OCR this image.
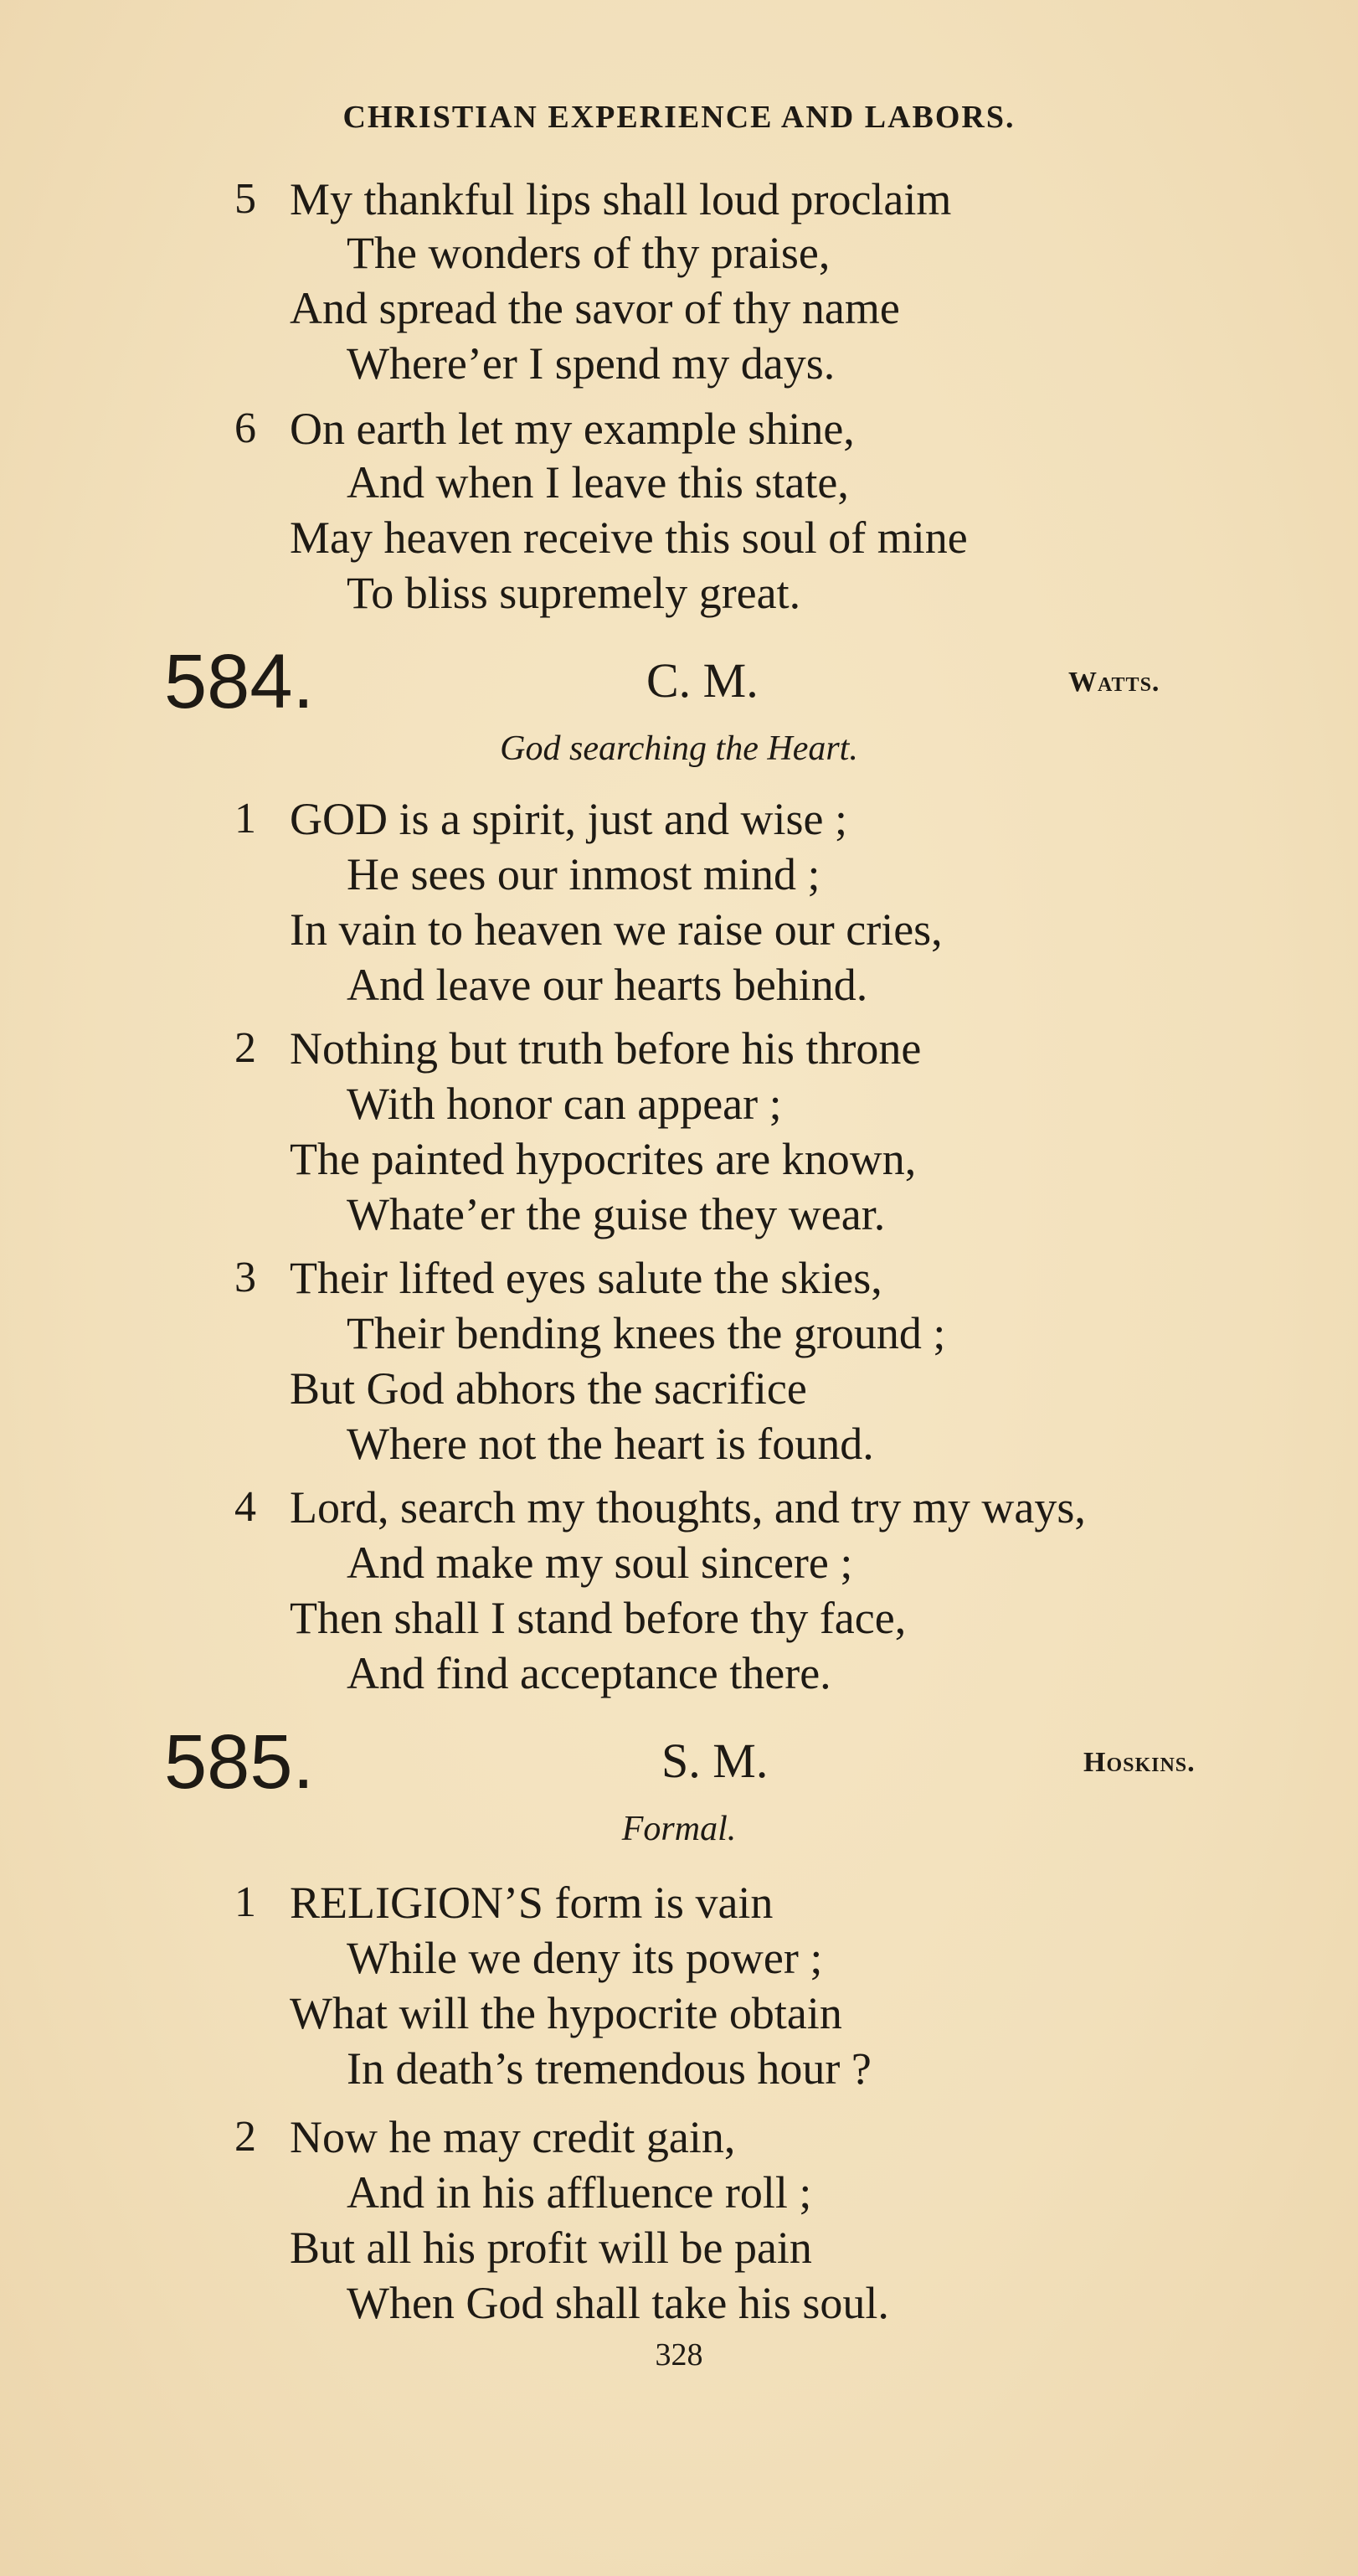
CHRISTIAN EXPERIENCE AND LABORS.
5 My thankful lips shall loud proclaim
The wonders of thy praise,
And spread the savor of thy name
Where’er I spend my days.
6 On earth let my example shine,
And when I leave this state,
May heaven receive this soul of mine
To bliss supremely great.
584.	C. M.	Watts.
God searching the Heart.
1 GOD is a spirit, just and wise ;
He sees our inmost mind ;
In vain to heaven we raise our cries,
And leave our hearts behind.
2 Nothing but truth before his throne
With honor can appear ;
The painted hypocrites are known,
Whate’er the guise they wear.
3 Their lifted eyes salute the skies,
Their bending knees the ground ;
But God abhors the sacrifice
Where not the heart is found.
4 Lord, search my thoughts, and try my ways,
And make my soul sincere ;
Then shall I stand before thy face,
And find acceptance there.
585.	S. M.	Hoskins.
Formal.
1 RELIGION’S form is vain
While we deny its power ;
What will the hypocrite obtain
In death’s tremendous hour ?
2 Now he may credit gain,
And in his affluence roll ;
But all his profit will be pain
When God shall take his soul.
328
